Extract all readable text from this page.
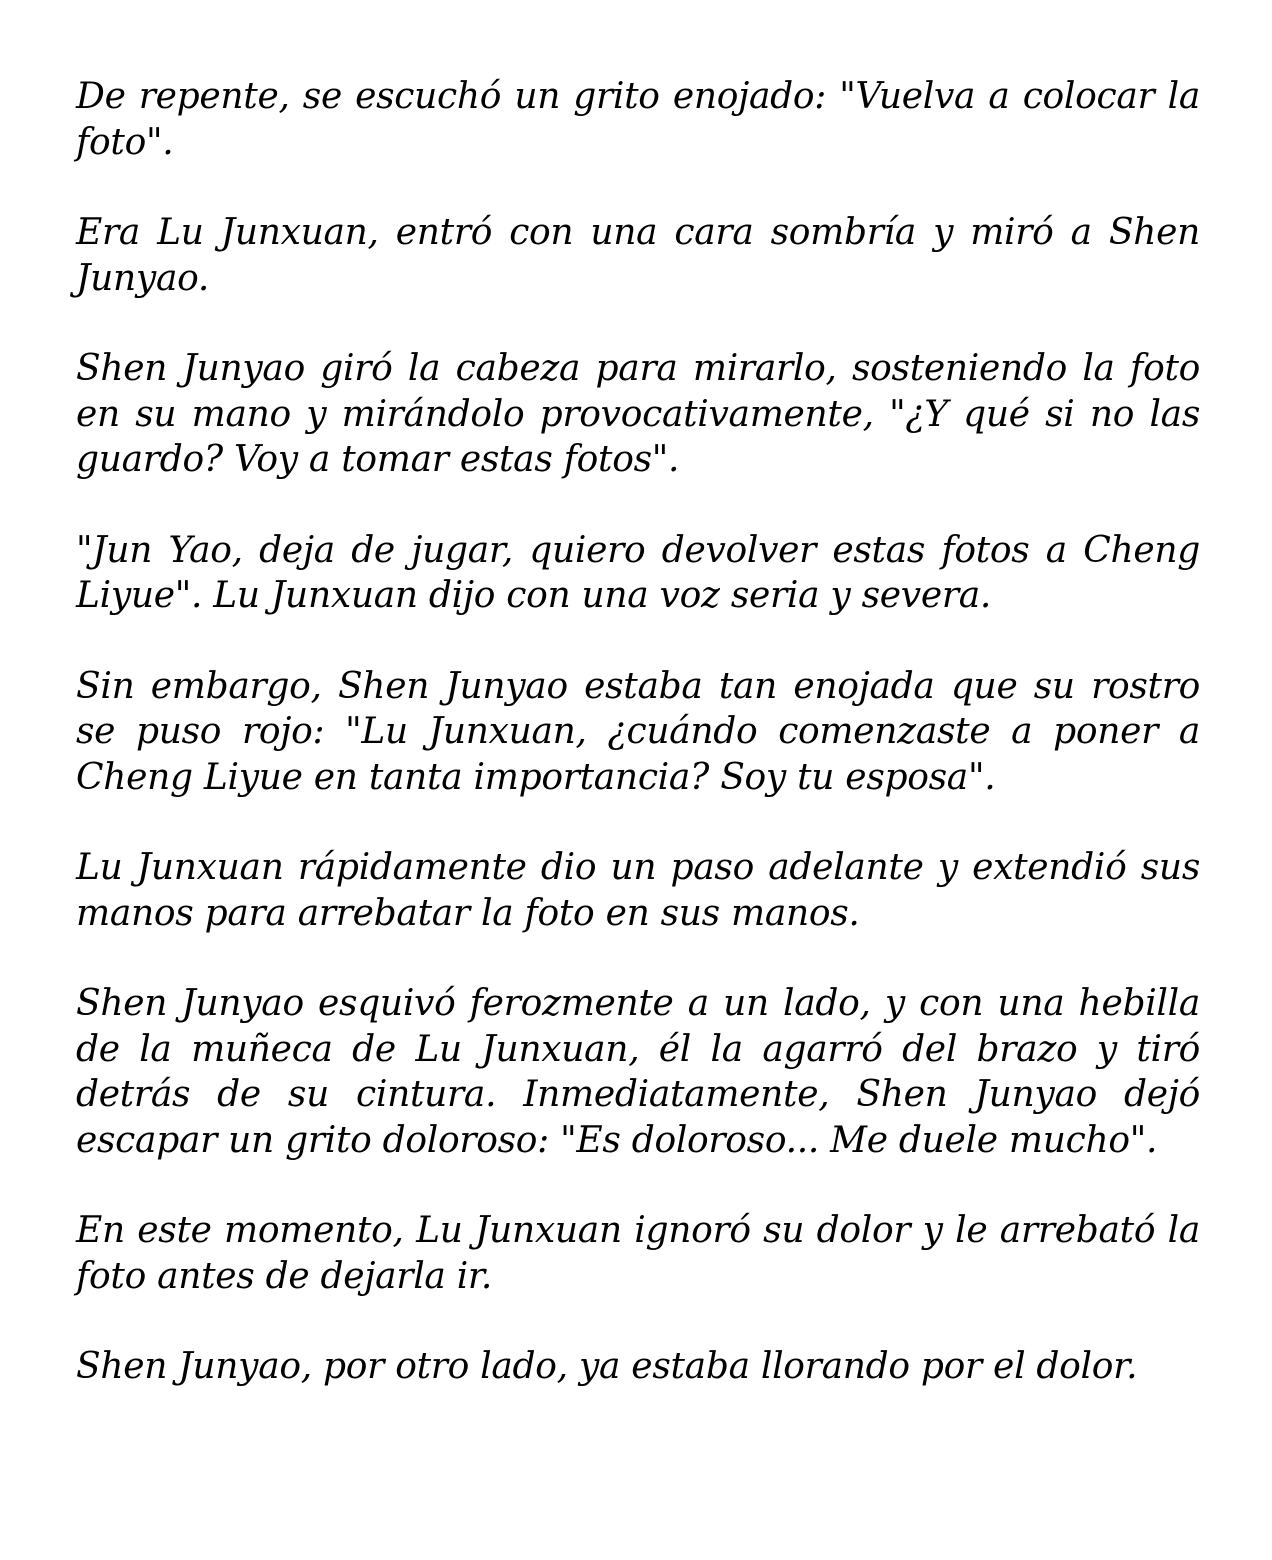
De repente, se escuchó un grito enojado: "Vuelva a colocar la foto".

Era Lu Junxuan, entró con una cara sombría y miró a Shen Junyao.

Shen Junyao giró la cabeza para mirarlo, sosteniendo la foto en su mano y mirándolo provocativamente, "¿Y qué si no las guardo? Voy a tomar estas fotos".

"Jun Yao, deja de jugar, quiero devolver estas fotos a Cheng Liyue". Lu Junxuan dijo con una voz seria y severa.

Sin embargo, Shen Junyao estaba tan enojada que su rostro se puso rojo: "Lu Junxuan, ¿cuándo comenzaste a poner a Cheng Liyue en tanta importancia? Soy tu esposa".

Lu Junxuan rápidamente dio un paso adelante y extendió sus manos para arrebatar la foto en sus manos.

Shen Junyao esquivó ferozmente a un lado, y con una hebilla de la muñeca de Lu Junxuan, él la agarró del brazo y tiró detrás de su cintura. Inmediatamente, Shen Junyao dejó escapar un grito doloroso: "Es doloroso... Me duele mucho".

En este momento, Lu Junxuan ignoró su dolor y le arrebató la foto antes de dejarla ir.

Shen Junyao, por otro lado, ya estaba llorando por el dolor.
